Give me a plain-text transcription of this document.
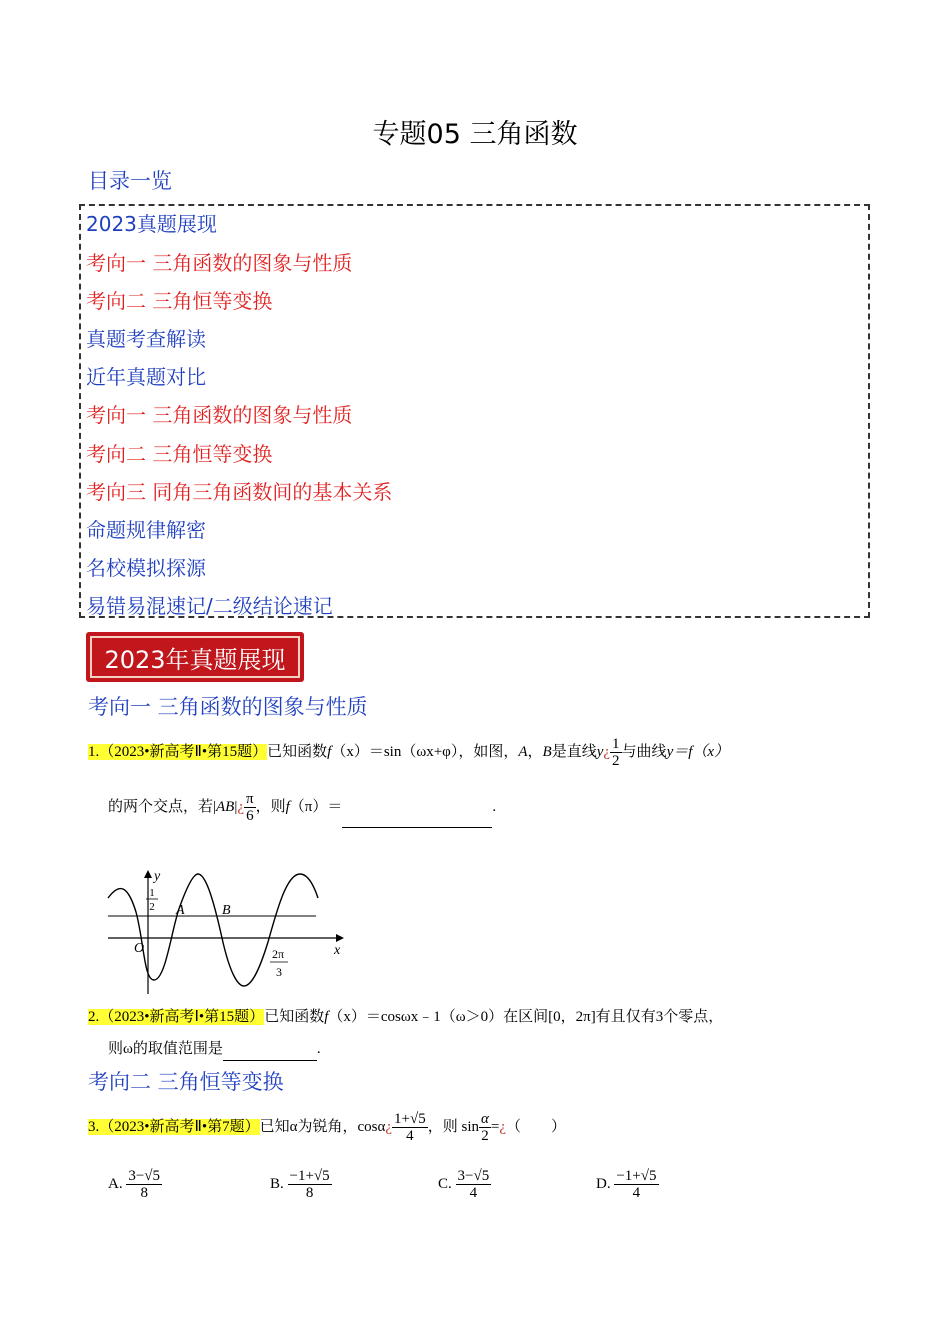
专题05 三角函数
目录一览
2023真题展现
考向一 三角函数的图象与性质
考向二 三角恒等变换
真题考查解读
近年真题对比
考向一 三角函数的图象与性质
考向二 三角恒等变换
考向三 同角三角函数间的基本关系
命题规律解密
名校模拟探源
易错易混速记/二级结论速记
2023年真题展现
考向一 三角函数的图象与性质
1.（2023•新高考Ⅱ•第15题）已知函数f（x）＝sin（ωx+φ），如图，A，B是直线y¿ $\frac{1}{2}$ 与曲线y＝f（x）
的两个交点，若|AB|¿ $\frac{\pi}{6}$ ，则f（π）＝	.
1
2
y
x
O
A	B
2π
3
2.（2023•新高考Ⅰ•第15题）已知函数f（x）＝cosωx﹣1（ω＞0）在区间[0，2π]有且仅有3个零点，
则ω的取值范围是	.
考向二 三角恒等变换
3.（2023•新高考Ⅱ•第7题）已知α为锐角，cosα¿ $\frac{1+√5}{4}$ ，则 $\sin \frac{\alpha}{2}$ =¿（　　）
A. $\frac{3-√5}{8}$	B. $\frac{-1+√5}{8}$	C. $\frac{3-√5}{4}$	D. $\frac{-1+√5}{4}$
